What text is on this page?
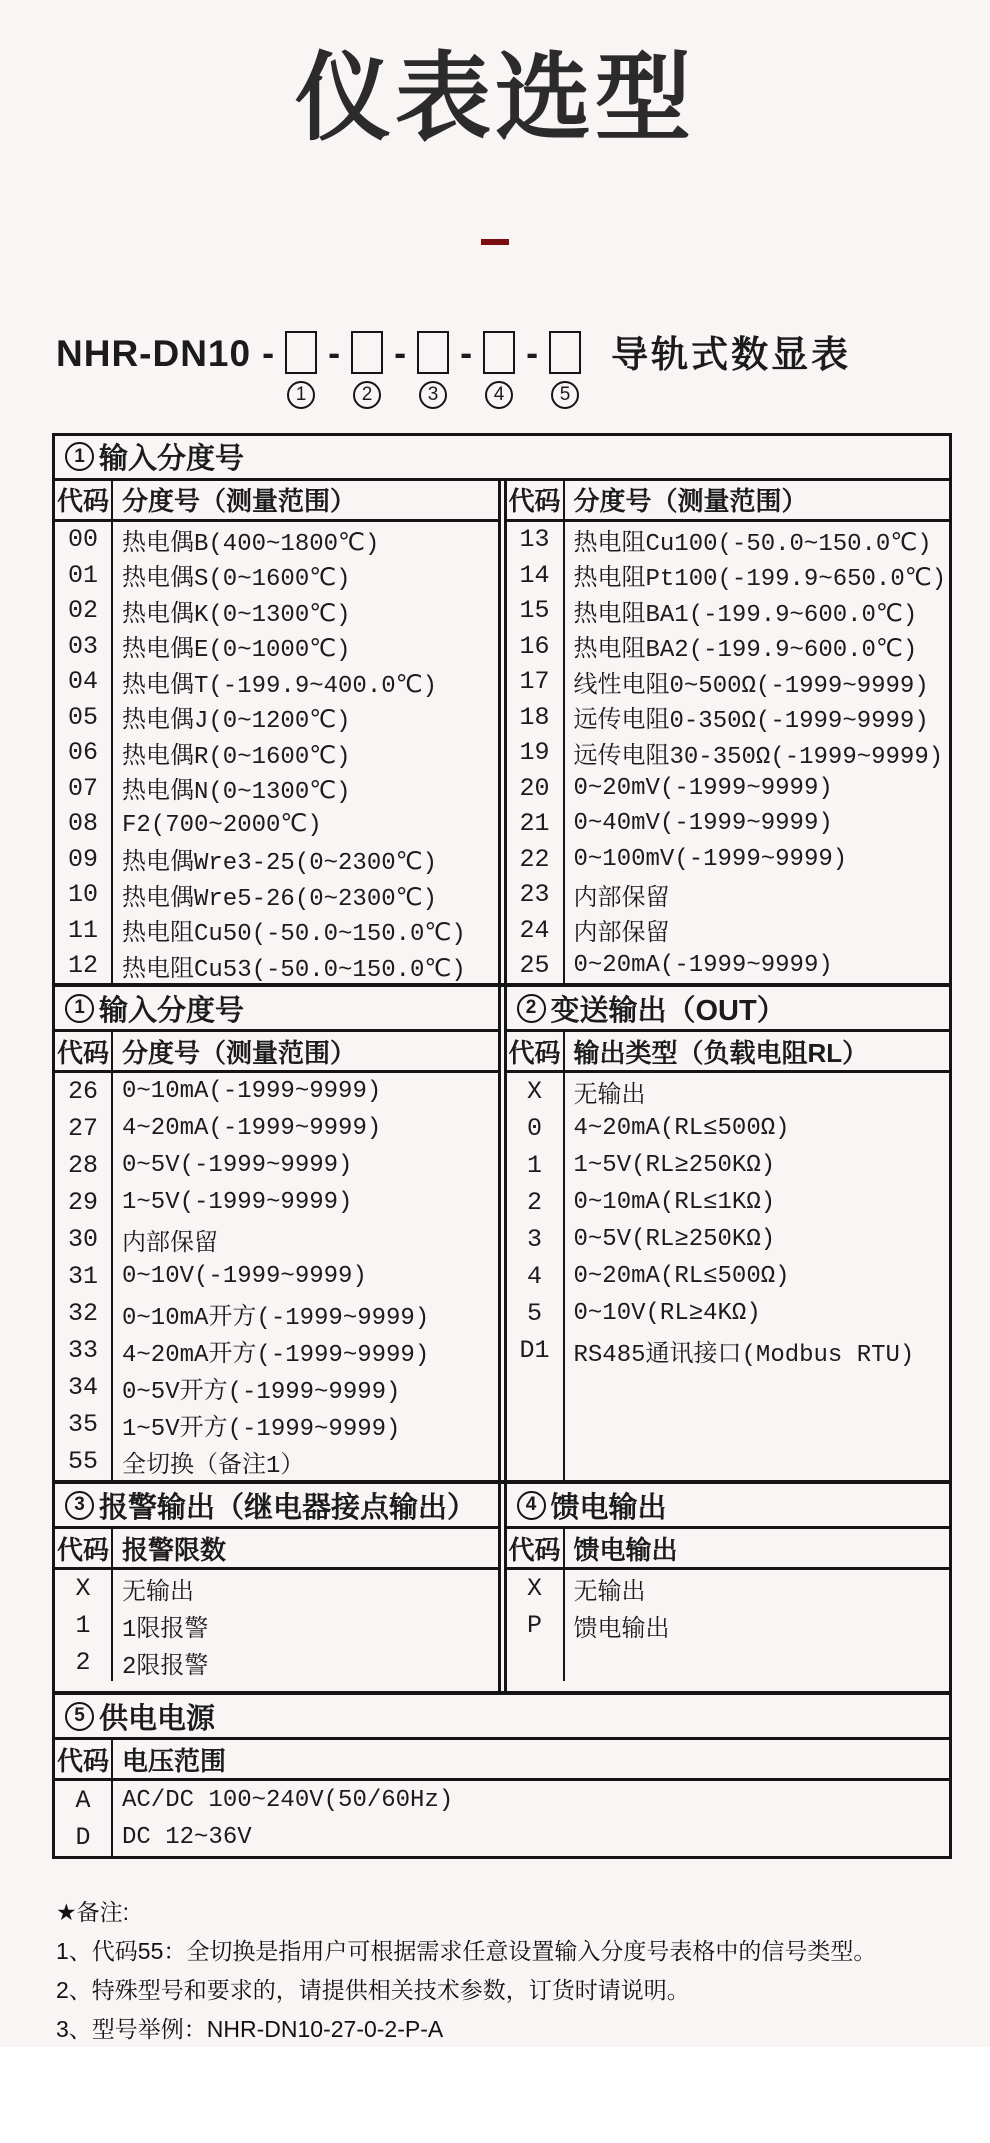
仪表选型
NHR-DN10 -
1
-
2
-
3
-
4
-
5
导轨式数显表
1 输入分度号
代码 分度号（测量范围）
00	热电偶B(400~1800℃)
01	热电偶S(0~1600℃)
02	热电偶K(0~1300℃)
03	热电偶E(0~1000℃)
04	热电偶T(-199.9~400.0℃)
05	热电偶J(0~1200℃)
06	热电偶R(0~1600℃)
07	热电偶N(0~1300℃)
08	F2(700~2000℃)
09	热电偶Wre3-25(0~2300℃)
10	热电偶Wre5-26(0~2300℃)
11	热电阻Cu50(-50.0~150.0℃)
12	热电阻Cu53(-50.0~150.0℃)
代码 分度号（测量范围）
13	热电阻Cu100(-50.0~150.0℃)
14	热电阻Pt100(-199.9~650.0℃)
15	热电阻BA1(-199.9~600.0℃)
16	热电阻BA2(-199.9~600.0℃)
17	线性电阻0~500Ω(-1999~9999)
18	远传电阻0-350Ω(-1999~9999)
19	远传电阻30-350Ω(-1999~9999)
20	0~20mV(-1999~9999)
21	0~40mV(-1999~9999)
22	0~100mV(-1999~9999)
23	内部保留
24	内部保留
25	0~20mA(-1999~9999)
1 输入分度号
代码 分度号（测量范围）
26	0~10mA(-1999~9999)
27	4~20mA(-1999~9999)
28	0~5V(-1999~9999)
29	1~5V(-1999~9999)
30	内部保留
31	0~10V(-1999~9999)
32	0~10mA开方(-1999~9999)
33	4~20mA开方(-1999~9999)
34	0~5V开方(-1999~9999)
35	1~5V开方(-1999~9999)
55	全切换（备注1）
2 变送输出（OUT）
代码 输出类型（负载电阻RL）
X	无输出
0	4~20mA(RL≤500Ω)
1	1~5V(RL≥250KΩ)
2	0~10mA(RL≤1KΩ)
3	0~5V(RL≥250KΩ)
4	0~20mA(RL≤500Ω)
5	0~10V(RL≥4KΩ)
D1	RS485通讯接口(Modbus RTU)
3 报警输出（继电器接点输出）
代码 报警限数
X	无输出
1	1限报警
2	2限报警
4 馈电输出
代码 馈电输出
X	无输出
P	馈电输出
5 供电电源
代码 电压范围
A	AC/DC 100~240V(50/60Hz)
D	DC 12~36V
★备注:
1、代码55：全切换是指用户可根据需求任意设置输入分度号表格中的信号类型。
2、特殊型号和要求的，请提供相关技术参数，订货时请说明。
3、型号举例：NHR-DN10-27-0-2-P-A
